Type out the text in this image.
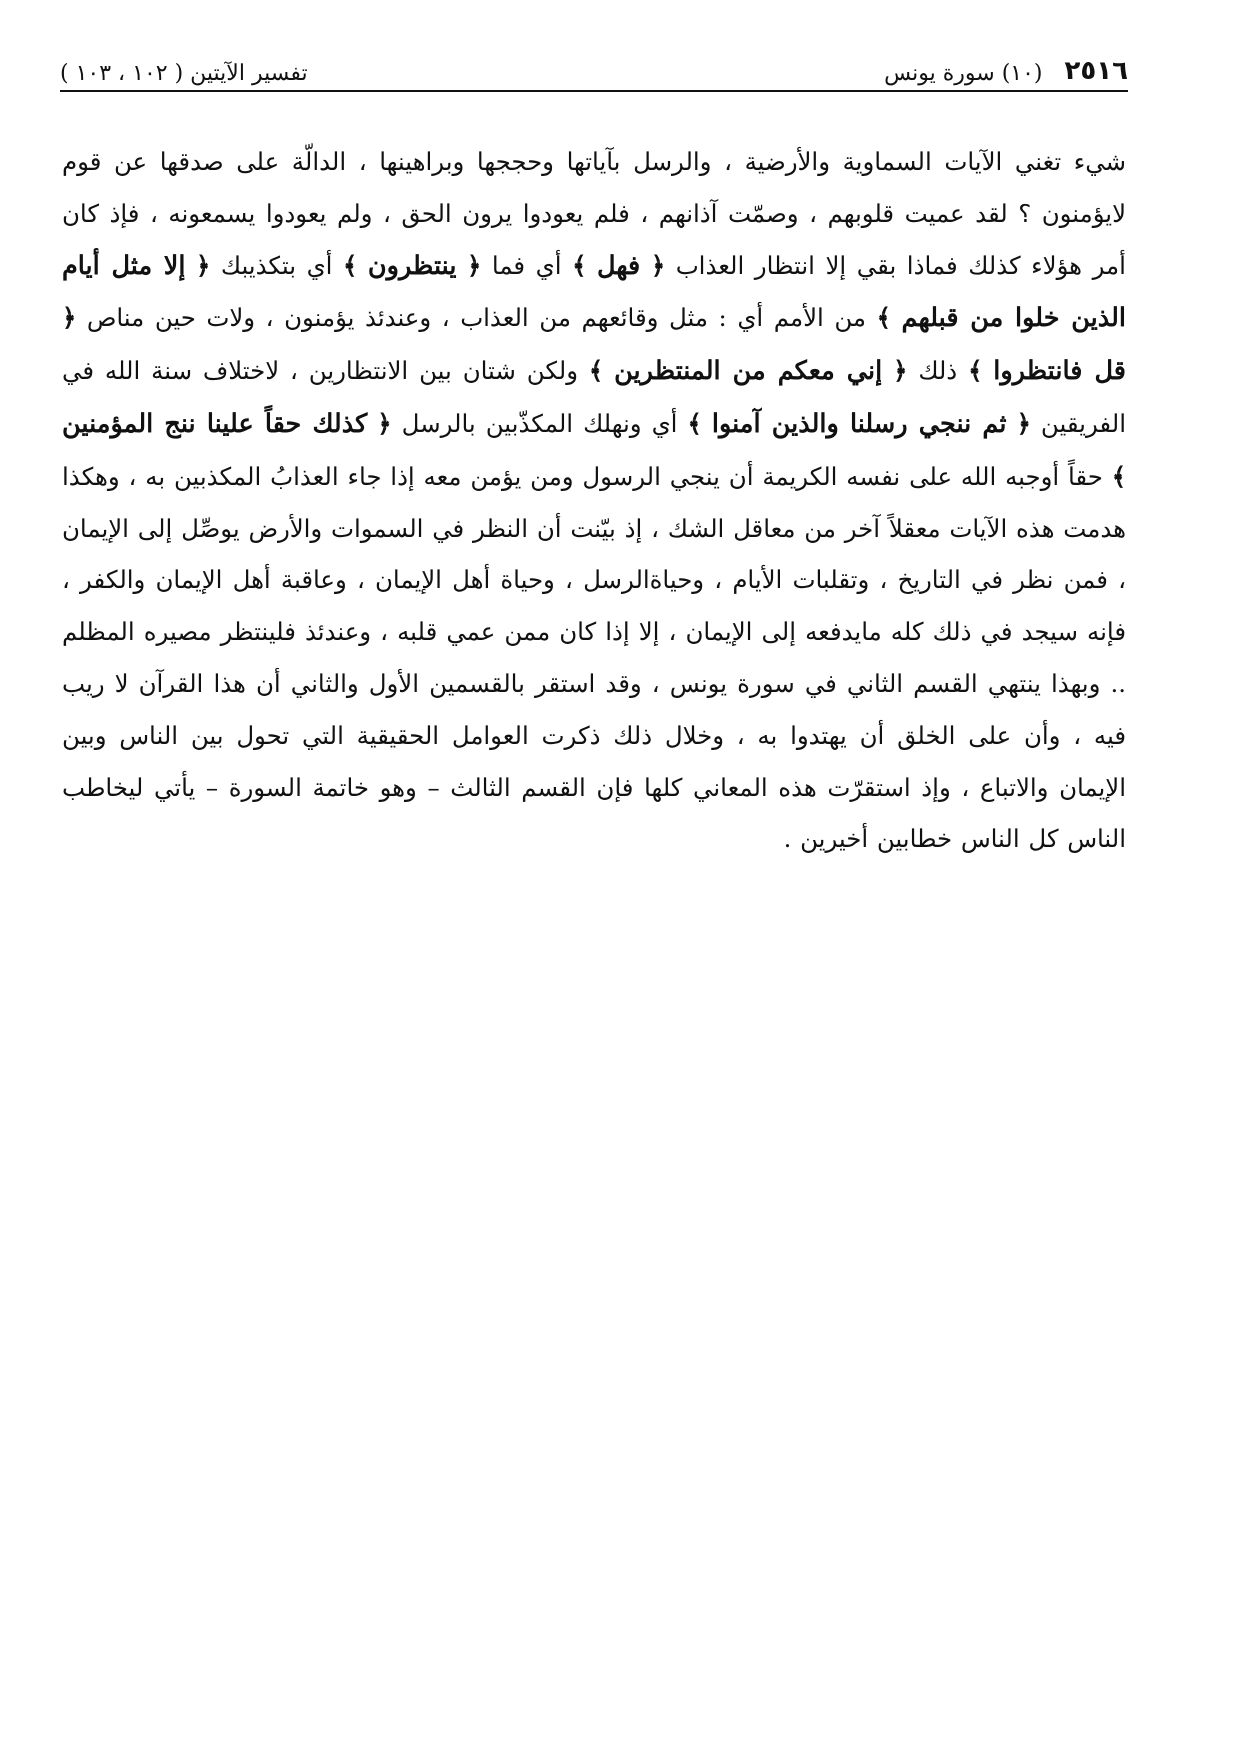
٢٥١٦
(١٠) سورة يونس
تفسير الآيتين ( ١٠٢ ، ١٠٣ )

شيء تغني الآيات السماوية والأرضية ، والرسل بآياتها وحججها وبراهينها ، الدالّة على صدقها عن قوم لايؤمنون ؟ لقد عميت قلوبهم ، وصمّت آذانهم ، فلم يعودوا يرون الحق ، ولم يعودوا يسمعونه ، فإذ كان أمر هؤلاء كذلك فماذا بقي إلا انتظار العذاب ﴿ فهل ﴾ أي فما ﴿ ينتظرون ﴾ أي بتكذيبك ﴿ إلا مثل أيام الذين خلوا من قبلهم ﴾ من الأمم أي : مثل وقائعهم من العذاب ، وعندئذ يؤمنون ، ولات حين مناص ﴿ قل فانتظروا ﴾ ذلك ﴿ إني معكم من المنتظرين ﴾ ولكن شتان بين الانتظارين ، لاختلاف سنة الله في الفريقين ﴿ ثم ننجي رسلنا والذين آمنوا ﴾ أي ونهلك المكذّبين بالرسل ﴿ كذلك حقاً علينا ننج المؤمنين ﴾ حقاً أوجبه الله على نفسه الكريمة أن ينجي الرسول ومن يؤمن معه إذا جاء العذابُ المكذبين به ، وهكذا هدمت هذه الآيات معقلاً آخر من معاقل الشك ، إذ بيّنت أن النظر في السموات والأرض يوصِّل إلى الإيمان ، فمن نظر في التاريخ ، وتقلبات الأيام ، وحياةالرسل ، وحياة أهل الإيمان ، وعاقبة أهل الإيمان والكفر ، فإنه سيجد في ذلك كله مايدفعه إلى الإيمان ، إلا إذا كان ممن عمي قلبه ، وعندئذ فلينتظر مصيره المظلم .. وبهذا ينتهي القسم الثاني في سورة يونس ، وقد استقر بالقسمين الأول والثاني أن هذا القرآن لا ريب فيه ، وأن على الخلق أن يهتدوا به ، وخلال ذلك ذكرت العوامل الحقيقية التي تحول بين الناس وبين الإيمان والاتباع ، وإذ استقرّت هذه المعاني كلها فإن القسم الثالث – وهو خاتمة السورة – يأتي ليخاطب الناس كل الناس خطابين أخيرين .
